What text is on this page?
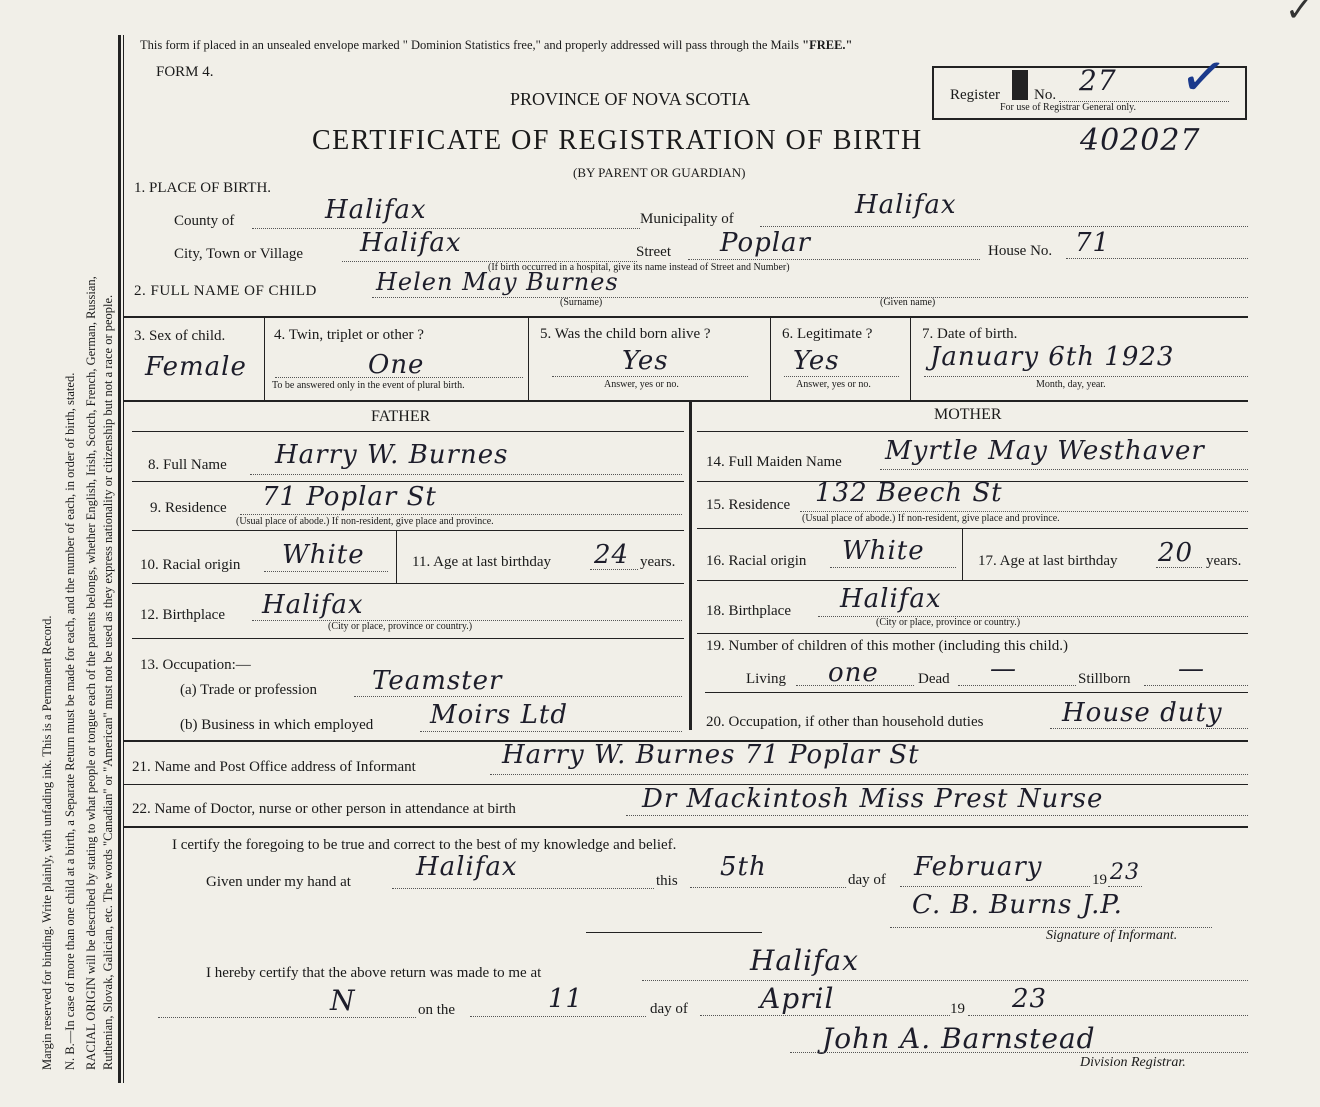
Margin reserved for binding. Write plainly, with unfading ink. This is a Permanent Record. N. B.—In case of more than one child at a birth, a Separate Return must be made for each, and the number of each, in order of birth, stated. RACIAL ORIGIN will be described by stating to what people or tongue each of the parents belongs, whether English, Irish, Scotch, French, German, Russian, Ruthenian, Slovak, Galician, etc. The words "Canadian" or "American" must not be used as they express nationality or citizenship but not a race or people.
This form if placed in an unsealed envelope marked " Dominion Statistics free," and properly addressed will pass through the Mails "FREE."
FORM 4.
PROVINCE OF NOVA SCOTIA	Register No. 27
For use of Registrar General only. ✓
✓
CERTIFICATE OF REGISTRATION OF BIRTH	402027
(BY PARENT OR GUARDIAN)
1. PLACE OF BIRTH.
County of	Halifax	Municipality of	Halifax
City, Town or Village Halifax	Street Poplar	House No. 71
(If birth occurred in a hospital, give its name instead of Street and Number)
2. FULL NAME OF CHILD Helen May Burnes
(Surname)	(Given name)
3. Sex of child.
Female
4. Twin, triplet or other ?
One
To be answered only in the event of plural birth.
5. Was the child born alive ?
Yes
Answer, yes or no.
6. Legitimate ?
Yes
Answer, yes or no.
7. Date of birth.
January 6th 1923
Month, day, year.
FATHER	MOTHER
8. Full Name Harry W. Burnes
9. Residence 71 Poplar St
(Usual place of abode.) If non-resident, give place and province.
10. Racial origin White	11. Age at last birthday 24 years.
12. Birthplace Halifax
(City or place, province or country.)
13. Occupation:—
(a) Trade or profession Teamster
(b) Business in which employed Moirs Ltd
14. Full Maiden Name Myrtle May Westhaver
15. Residence 132 Beech St
(Usual place of abode.) If non-resident, give place and province.
16. Racial origin White	17. Age at last birthday 20 years.
18. Birthplace Halifax
(City or place, province or country.)
19. Number of children of this mother (including this child.)
Living one	Dead —	Stillborn —
20. Occupation, if other than household duties	House duty
21. Name and Post Office address of Informant	Harry W. Burnes 71 Poplar St
22. Name of Doctor, nurse or other person in attendance at birth	Dr Mackintosh Miss Prest Nurse
I certify the foregoing to be true and correct to the best of my knowledge and belief.
Given under my hand at	Halifax	this 5th	day of February	19 23
C. B. Burns J.P.
Signature of Informant.
I hereby certify that the above return was made to me at	Halifax
N	on the	11	day of	April	19 23
John A. Barnstead
Division Registrar.
